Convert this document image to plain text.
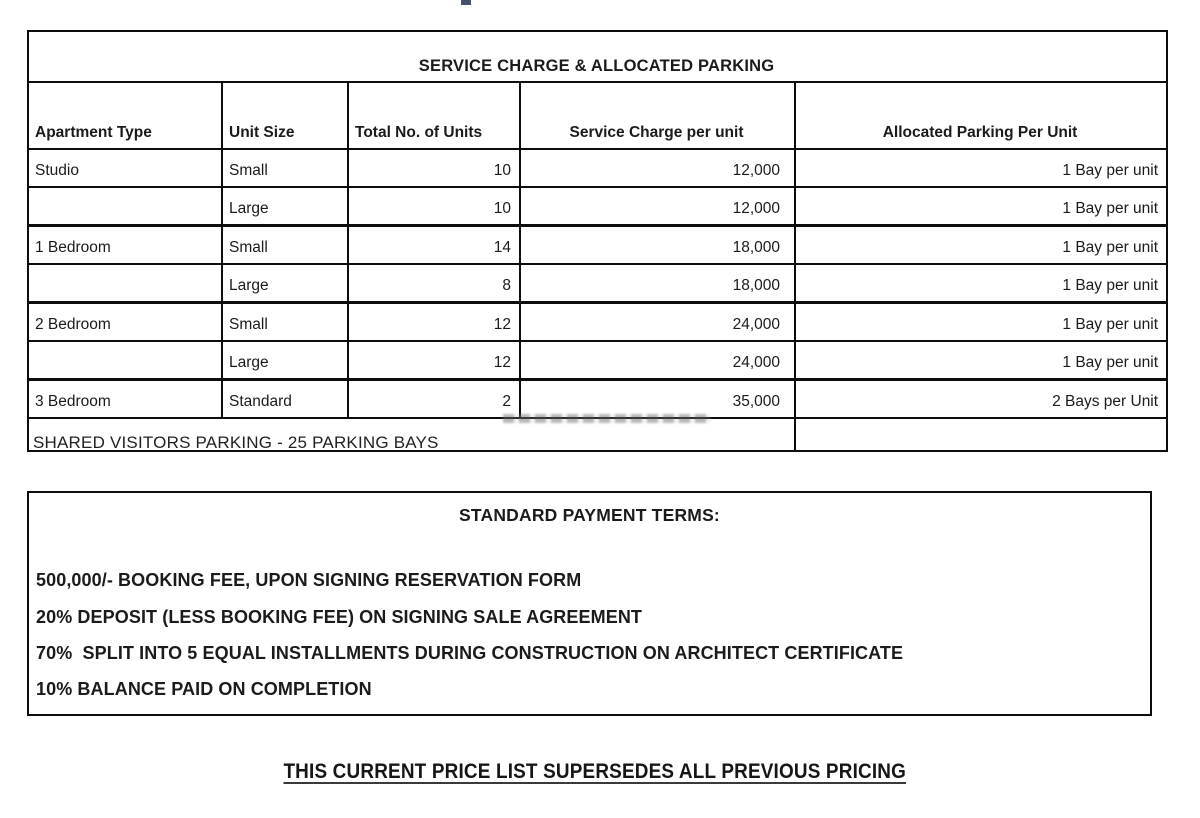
SERVICE CHARGE & ALLOCATED PARKING				
Apartment Type	Unit Size	Total No. of Units	Service Charge per unit	Allocated Parking Per Unit
Studio	Small	10	12,000	1 Bay per unit
	Large	10	12,000	1 Bay per unit
1 Bedroom	Small	14	18,000	1 Bay per unit
	Large	8	18,000	1 Bay per unit
2 Bedroom	Small	12	24,000	1 Bay per unit
	Large	12	24,000	1 Bay per unit
3 Bedroom	Standard	2	35,000	2 Bays per Unit

SHARED VISITORS PARKING - 25 PARKING BAYS
STANDARD PAYMENT TERMS:
500,000/- BOOKING FEE, UPON SIGNING RESERVATION FORM
20% DEPOSIT (LESS BOOKING FEE) ON SIGNING SALE AGREEMENT
70%  SPLIT INTO 5 EQUAL INSTALLMENTS DURING CONSTRUCTION ON ARCHITECT CERTIFICATE
10% BALANCE PAID ON COMPLETION
THIS CURRENT PRICE LIST SUPERSEDES ALL PREVIOUS PRICING
